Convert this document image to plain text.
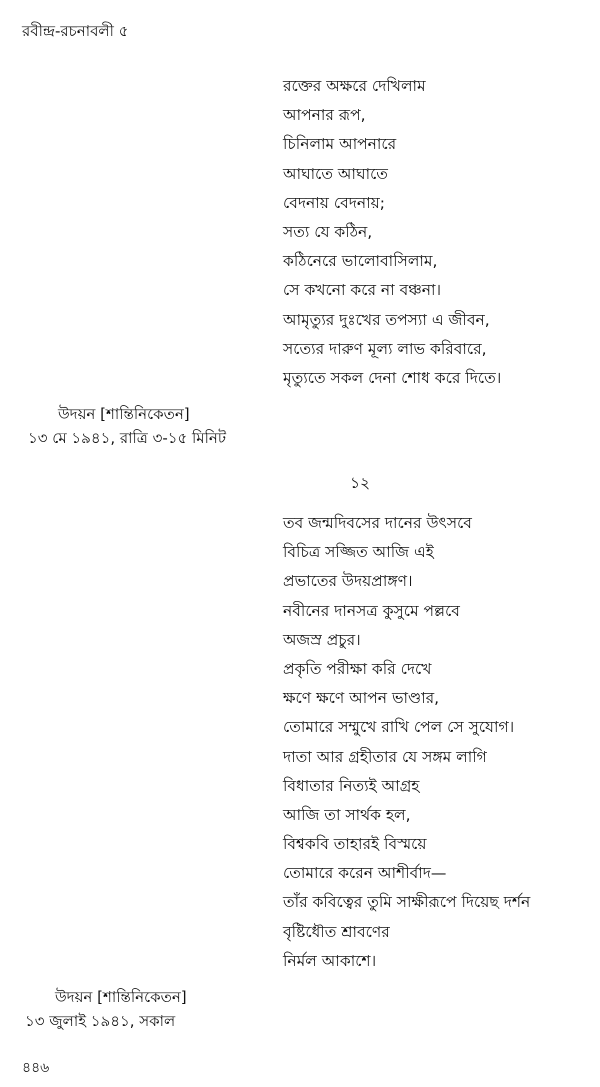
রবীন্দ্র-রচনাবলী ৫
রক্তের অক্ষরে দেখিলাম
আপনার রূপ,
চিনিলাম আপনারে
আঘাতে আঘাতে
বেদনায় বেদনায়;
সত্য যে কঠিন,
কঠিনেরে ভালোবাসিলাম,
সে কখনো করে না বঞ্চনা।
আমৃত্যুর দুঃখের তপস্যা এ জীবন,
সত্যের দারুণ মূল্য লাভ করিবারে,
মৃত্যুতে সকল দেনা শোধ করে দিতে।
উদয়ন [শান্তিনিকেতন]
১৩ মে ১৯৪১, রাত্রি ৩-১৫ মিনিট
১২
তব জন্মদিবসের দানের উৎসবে
বিচিত্র সজ্জিত আজি এই
প্রভাতের উদয়প্রাঙ্গণ।
নবীনের দানসত্র কুসুমে পল্লবে
অজস্র প্রচুর।
প্রকৃতি পরীক্ষা করি দেখে
ক্ষণে ক্ষণে আপন ভাণ্ডার,
তোমারে সম্মুখে রাখি পেল সে সুযোগ।
দাতা আর গ্রহীতার যে সঙ্গম লাগি
বিধাতার নিত্যই আগ্রহ
আজি তা সার্থক হল,
বিশ্বকবি তাহারই বিস্ময়ে
তোমারে করেন আশীর্বাদ—
তাঁর কবিত্বের তুমি সাক্ষীরূপে দিয়েছ দর্শন
বৃষ্টিধৌত শ্রাবণের
নির্মল আকাশে।
উদয়ন [শান্তিনিকেতন]
১৩ জুলাই ১৯৪১, সকাল
৪৪৬
